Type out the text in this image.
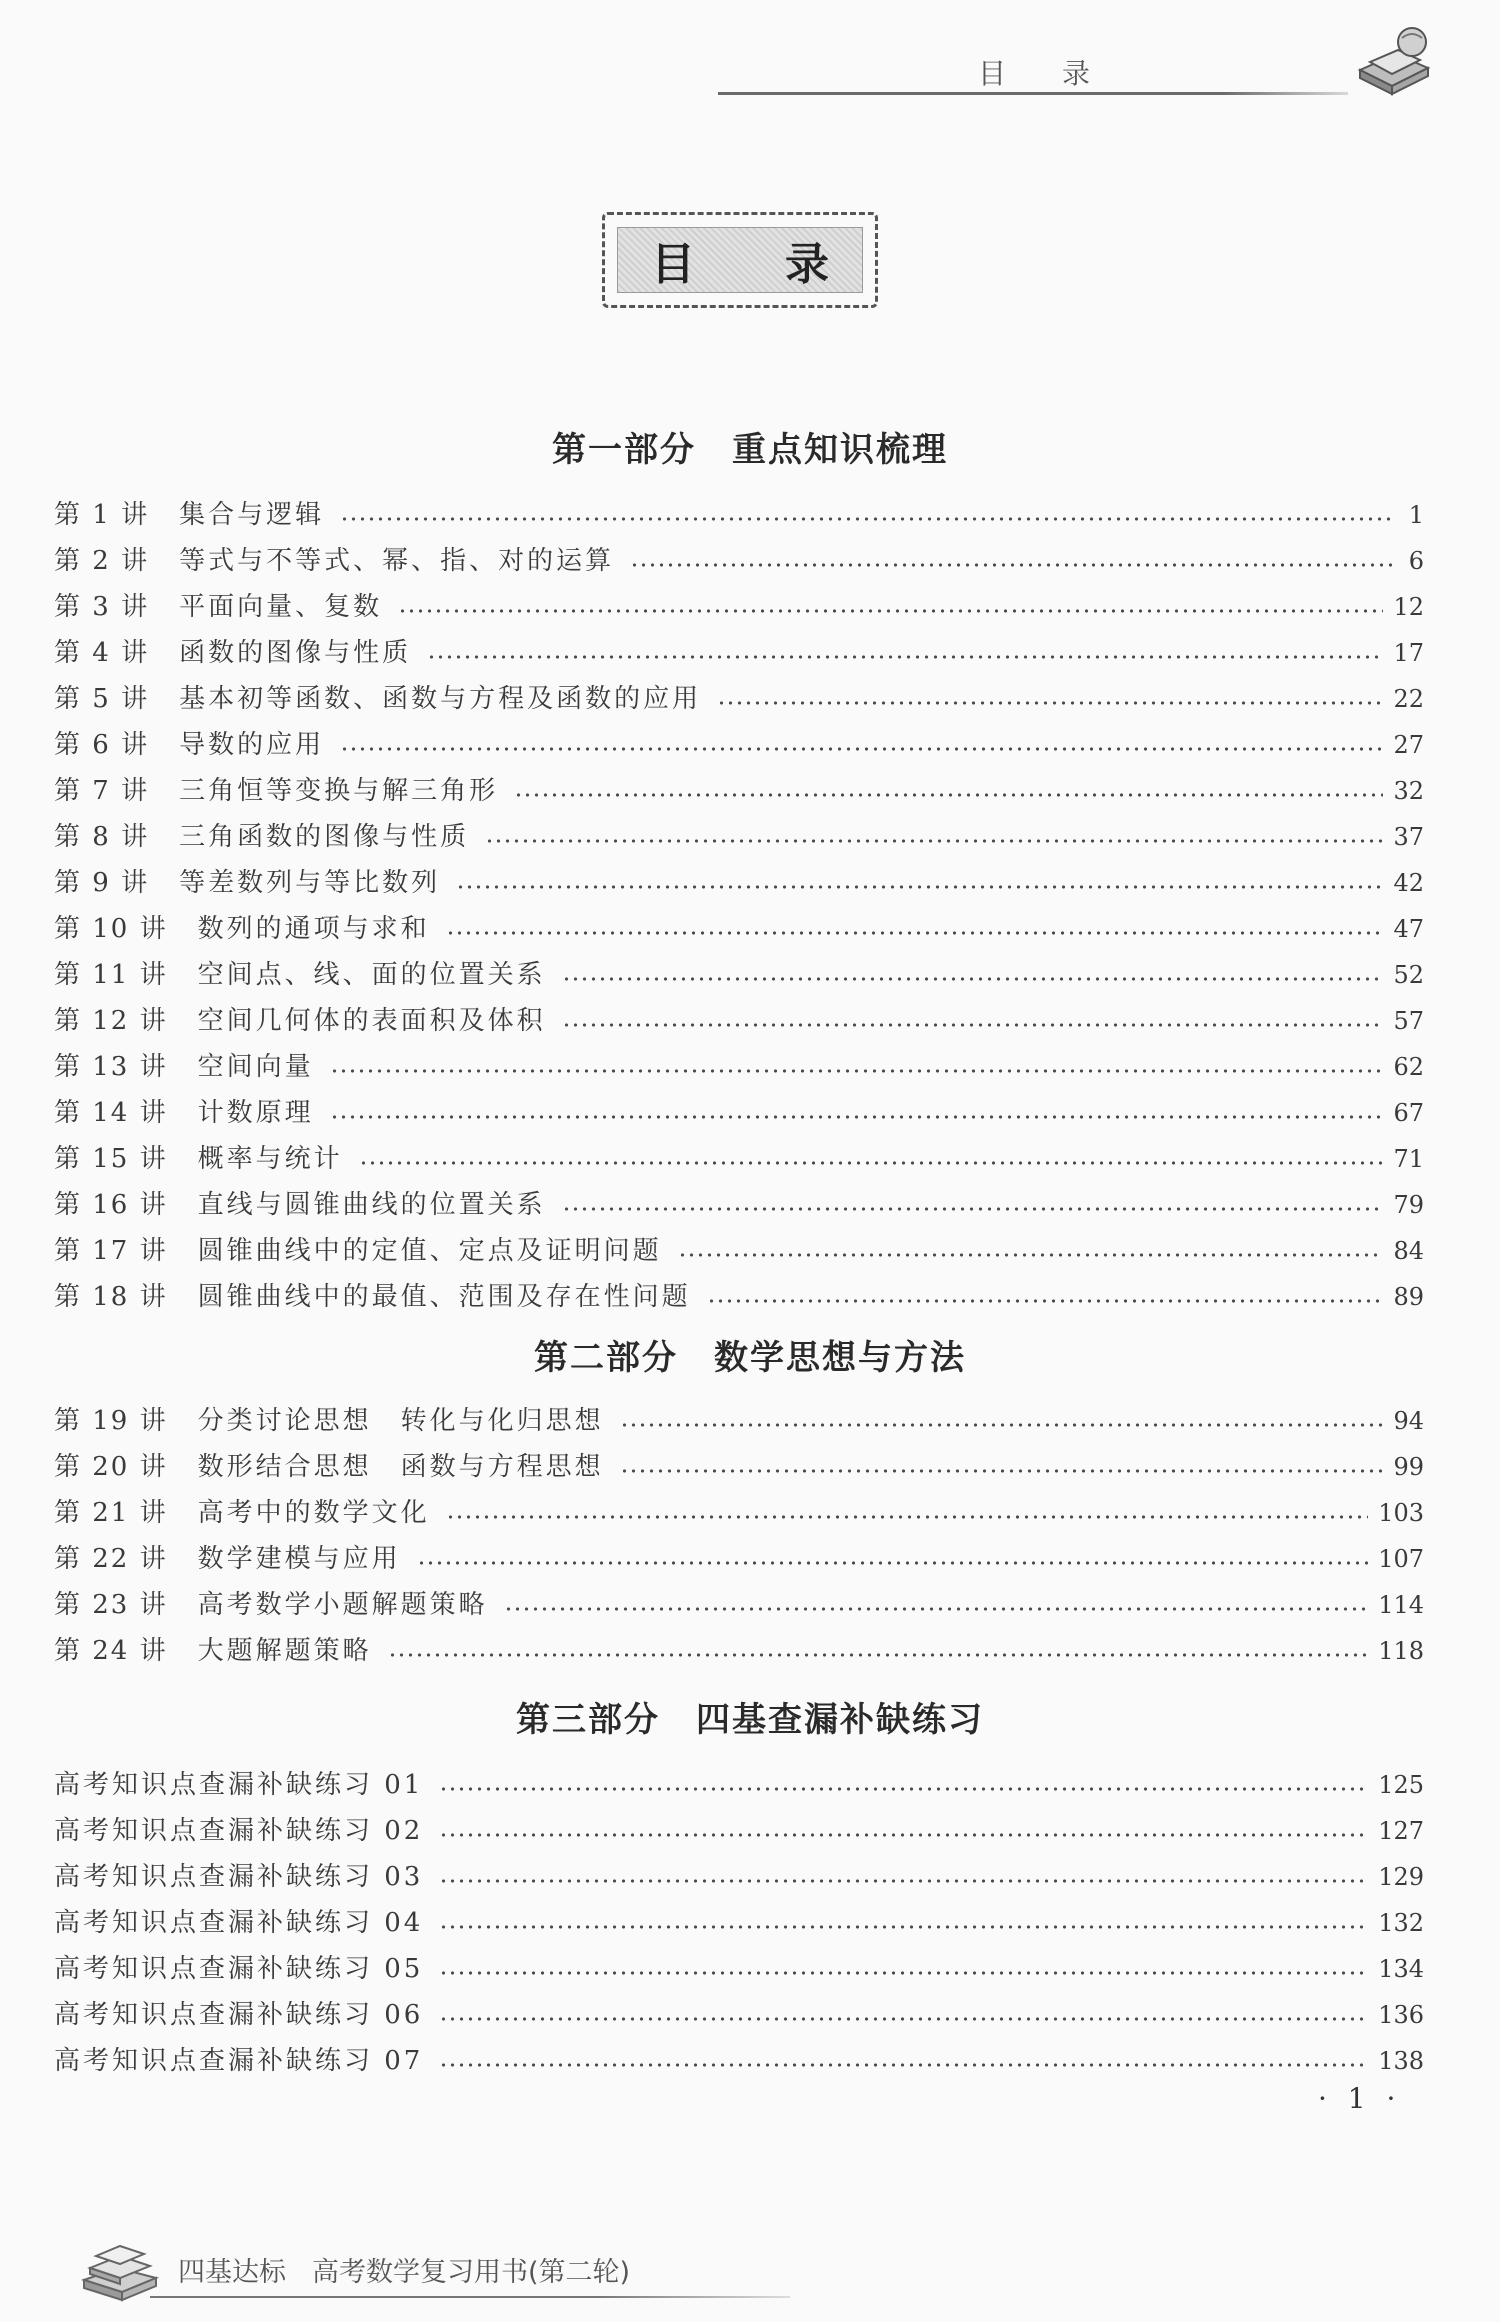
目录
目录
第一部分 重点知识梳理
第 1 讲 集合与逻辑	1
第 2 讲 等式与不等式、幂、指、对的运算	6
第 3 讲 平面向量、复数	12
第 4 讲 函数的图像与性质	17
第 5 讲 基本初等函数、函数与方程及函数的应用	22
第 6 讲 导数的应用	27
第 7 讲 三角恒等变换与解三角形	32
第 8 讲 三角函数的图像与性质	37
第 9 讲 等差数列与等比数列	42
第 10 讲 数列的通项与求和	47
第 11 讲 空间点、线、面的位置关系	52
第 12 讲 空间几何体的表面积及体积	57
第 13 讲 空间向量	62
第 14 讲 计数原理	67
第 15 讲 概率与统计	71
第 16 讲 直线与圆锥曲线的位置关系	79
第 17 讲 圆锥曲线中的定值、定点及证明问题	84
第 18 讲 圆锥曲线中的最值、范围及存在性问题	89
第二部分 数学思想与方法
第 19 讲 分类讨论思想　转化与化归思想	94
第 20 讲 数形结合思想　函数与方程思想	99
第 21 讲 高考中的数学文化	103
第 22 讲 数学建模与应用	107
第 23 讲 高考数学小题解题策略	114
第 24 讲 大题解题策略	118
第三部分 四基查漏补缺练习
高考知识点查漏补缺练习 01	125
高考知识点查漏补缺练习 02	127
高考知识点查漏补缺练习 03	129
高考知识点查漏补缺练习 04	132
高考知识点查漏补缺练习 05	134
高考知识点查漏补缺练习 06	136
高考知识点查漏补缺练习 07	138
· 1 ·
四基达标 高考数学复习用书(第二轮)
